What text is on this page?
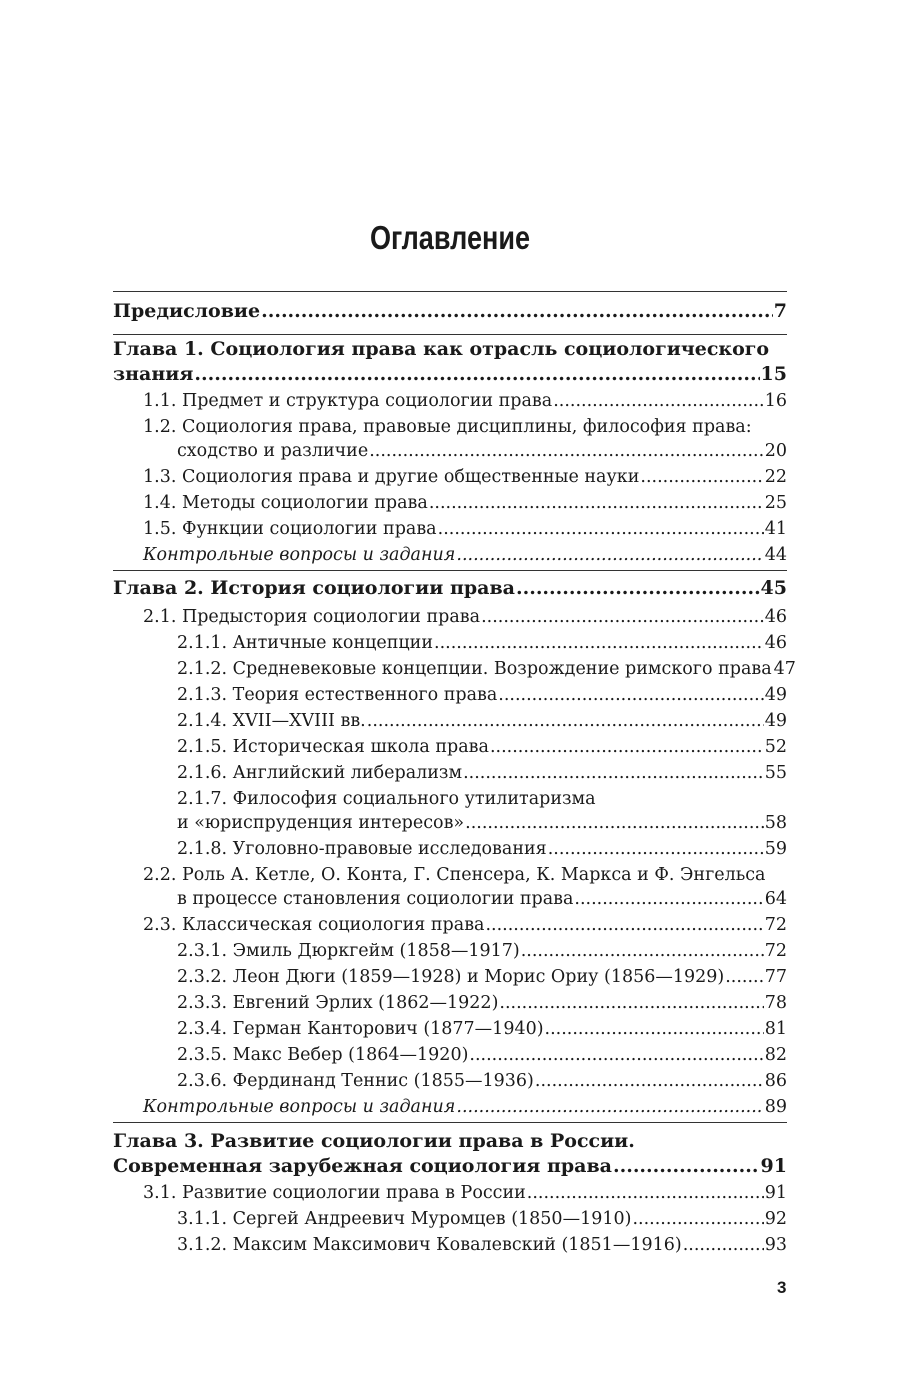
Оглавление
Предисловие .....	7
Глава 1. Социология права как отрасль социологического
знания .....	15
1.1. Предмет и структура социологии права .....	16
1.2. Социология права, правовые дисциплины, философия права:
сходство и различие .....	20
1.3. Социология права и другие общественные науки .....	22
1.4. Методы социологии права .....	25
1.5. Функции социологии права .....	41
Контрольные вопросы и задания .....	44
Глава 2. История социологии права .....	45
2.1. Предыстория социологии права .....	46
2.1.1. Античные концепции .....	46
2.1.2. Средневековые концепции. Возрождение римского права 47
2.1.3. Теория естественного права .....	49
2.1.4. XVII—XVIII вв. .....	49
2.1.5. Историческая школа права .....	52
2.1.6. Английский либерализм .....	55
2.1.7. Философия социального утилитаризма
и «юриспруденция интересов» .....	58
2.1.8. Уголовно-правовые исследования .....	59
2.2. Роль А. Кетле, О. Конта, Г. Спенсера, К. Маркса и Ф. Энгельса
в процессе становления социологии права .....	64
2.3. Классическая социология права .....	72
2.3.1. Эмиль Дюркгейм (1858—1917) .....	72
2.3.2. Леон Дюги (1859—1928) и Морис Ориу (1856—1929) ..... 77
2.3.3. Евгений Эрлих (1862—1922) .....	78
2.3.4. Герман Канторович (1877—1940) .....	81
2.3.5. Макс Вебер (1864—1920) .....	82
2.3.6. Фердинанд Теннис (1855—1936) .....	86
Контрольные вопросы и задания .....	89
Глава 3. Развитие социологии права в России.
Современная зарубежная социология права .....	91
3.1. Развитие социологии права в России .....	91
3.1.1. Сергей Андреевич Муромцев (1850—1910) .....	92
3.1.2. Максим Максимович Ковалевский (1851—1916) .....	93
3
